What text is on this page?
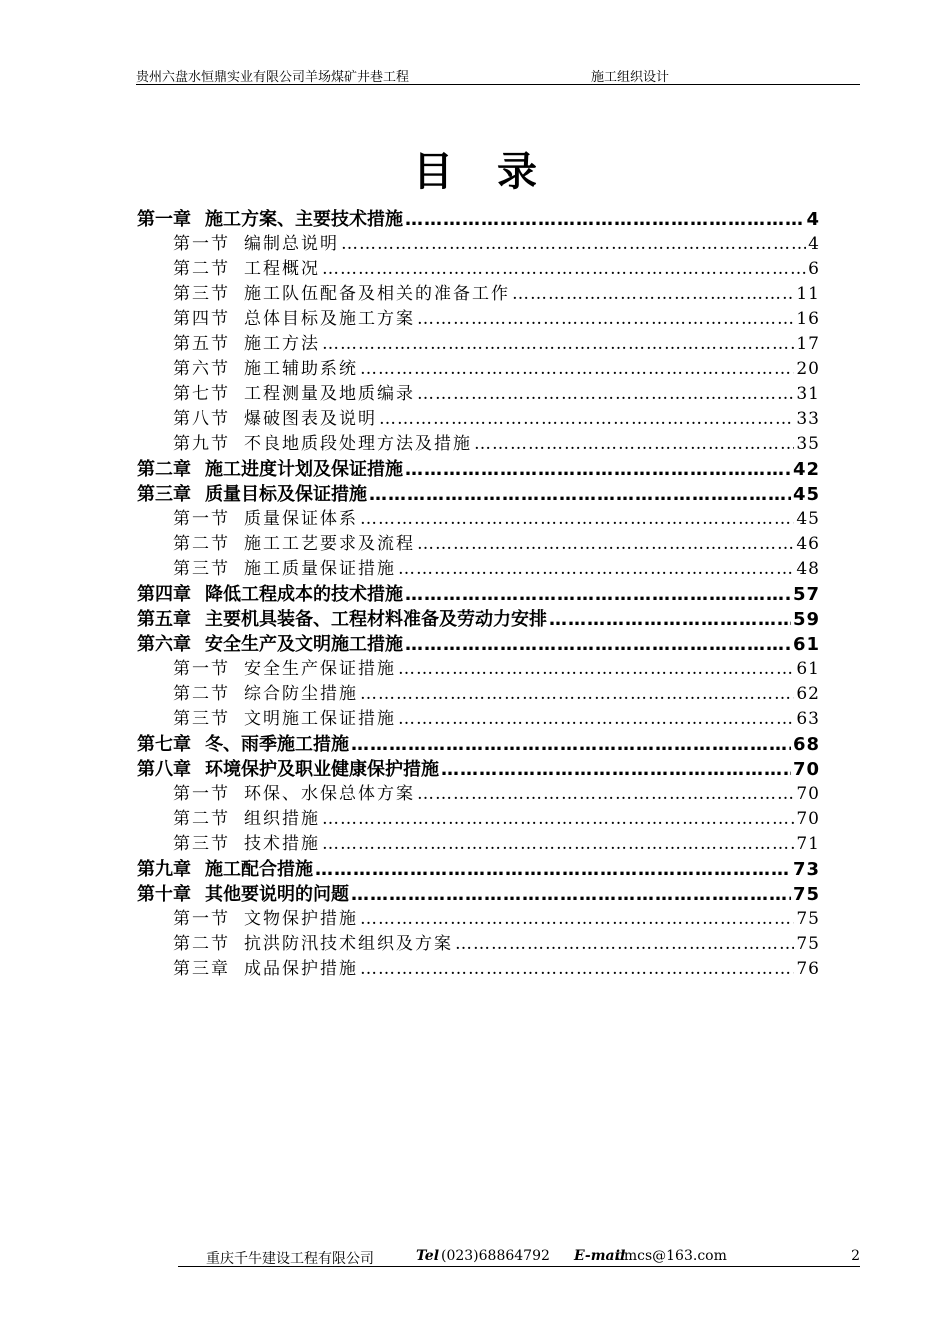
贵州六盘水恒鼎实业有限公司羊场煤矿井巷工程	施工组织设计
目录
第一章 施工方案、主要技术措施 …………………………………………………………………………………………………………………………………………………………………………	4
第一节 编制总说明 …………………………………………………………………………………………………………………………………………………………………………	4
第二节 工程概况 …………………………………………………………………………………………………………………………………………………………………………	6
第三节 施工队伍配备及相关的准备工作 …………………………………………………………………………………………………………………………………………………………………………	11
第四节 总体目标及施工方案 …………………………………………………………………………………………………………………………………………………………………………	16
第五节 施工方法 …………………………………………………………………………………………………………………………………………………………………………	17
第六节 施工辅助系统 …………………………………………………………………………………………………………………………………………………………………………	20
第七节 工程测量及地质编录 …………………………………………………………………………………………………………………………………………………………………………	31
第八节 爆破图表及说明 …………………………………………………………………………………………………………………………………………………………………………	33
第九节 不良地质段处理方法及措施 …………………………………………………………………………………………………………………………………………………………………………	35
第二章 施工进度计划及保证措施 …………………………………………………………………………………………………………………………………………………………………………	42
第三章 质量目标及保证措施 …………………………………………………………………………………………………………………………………………………………………………	45
第一节 质量保证体系 …………………………………………………………………………………………………………………………………………………………………………	45
第二节 施工工艺要求及流程 …………………………………………………………………………………………………………………………………………………………………………	46
第三节 施工质量保证措施 …………………………………………………………………………………………………………………………………………………………………………	48
第四章 降低工程成本的技术措施 …………………………………………………………………………………………………………………………………………………………………………	57
第五章 主要机具装备、工程材料准备及劳动力安排 …………………………………………………………………………………………………………………………………………………………………………	59
第六章 安全生产及文明施工措施 …………………………………………………………………………………………………………………………………………………………………………	61
第一节 安全生产保证措施 …………………………………………………………………………………………………………………………………………………………………………	61
第二节 综合防尘措施 …………………………………………………………………………………………………………………………………………………………………………	62
第三节 文明施工保证措施 …………………………………………………………………………………………………………………………………………………………………………	63
第七章 冬、雨季施工措施 …………………………………………………………………………………………………………………………………………………………………………	68
第八章 环境保护及职业健康保护措施 …………………………………………………………………………………………………………………………………………………………………………	70
第一节 环保、水保总体方案 …………………………………………………………………………………………………………………………………………………………………………	70
第二节 组织措施 …………………………………………………………………………………………………………………………………………………………………………	70
第三节 技术措施 …………………………………………………………………………………………………………………………………………………………………………	71
第九章 施工配合措施 …………………………………………………………………………………………………………………………………………………………………………	73
第十章 其他要说明的问题 …………………………………………………………………………………………………………………………………………………………………………	75
第一节 文物保护措施 …………………………………………………………………………………………………………………………………………………………………………	75
第二节 抗洪防汛技术组织及方案 …………………………………………………………………………………………………………………………………………………………………………	75
第三章 成品保护措施 …………………………………………………………………………………………………………………………………………………………………………	76
重庆千牛建设工程有限公司	Tel (023)68864792 E-mail
cmcs@163.com	2
